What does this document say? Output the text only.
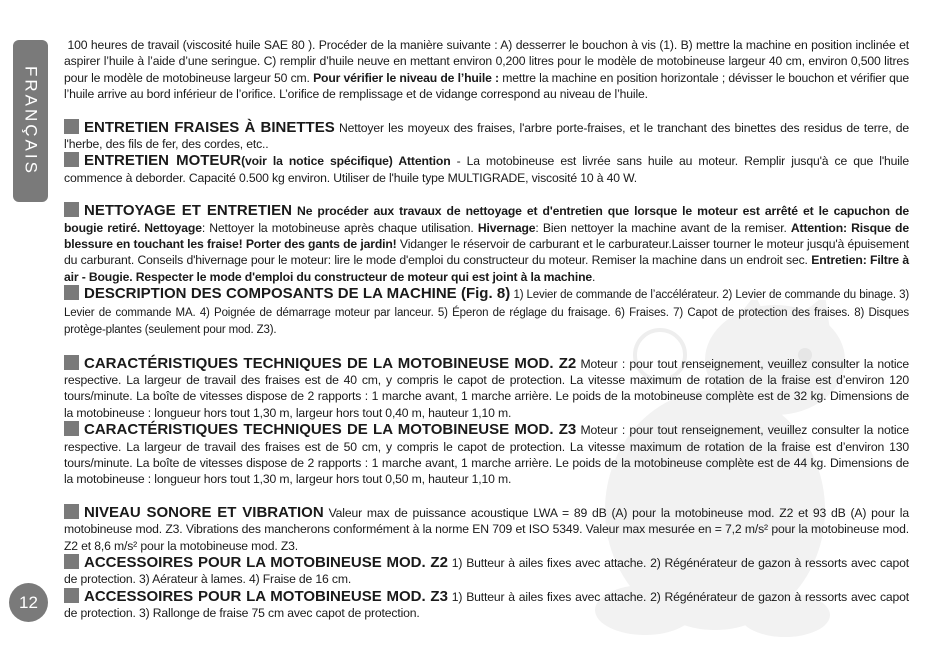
FRANÇAIS
12

100 heures de travail (viscosité huile SAE 80 ). Procéder de la manière suivante : A) desserrer le bouchon à vis (1). B) mettre la machine en position inclinée et aspirer l’huile à l’aide d’une seringue. C) remplir d’huile neuve en mettant environ 0,200 litres pour le modèle de motobineuse largeur 40 cm, environ 0,500 litres pour le modèle de motobineuse largeur 50 cm. Pour vérifier le niveau de l’huile : mettre la machine en position horizontale ; dévisser le bouchon et vérifier que l’huile arrive au bord inférieur de l’orifice. L’orifice de remplissage et de vidange correspond au niveau de l’huile.

ENTRETIEN FRAISES À BINETTES Nettoyer les moyeux des fraises, l'arbre porte-fraises, et le tranchant des binettes des residus de terre, de l'herbe, des fils de fer, des cordes, etc..

ENTRETIEN MOTEUR(voir la notice spécifique) Attention - La motobineuse est livrée sans huile au moteur. Remplir jusqu'à ce que l'huile commence à deborder. Capacité 0.500 kg environ. Utiliser de l'huile type MULTIGRADE, viscosité 10 à 40 W.

NETTOYAGE ET ENTRETIEN Ne procéder aux travaux de nettoyage et d'entretien que lorsque le moteur est arrêté et le capuchon de bougie retiré. Nettoyage: Nettoyer la motobineuse après chaque utilisation. Hivernage: Bien nettoyer la machine avant de la remiser. Attention: Risque de blessure en touchant les fraise! Porter des gants de jardin! Vidanger le réservoir de carburant et le carburateur.Laisser tourner le moteur jusqu'à épuisement du carburant. Conseils d'hivernage pour le moteur: lire le mode d'emploi du constructeur du moteur. Remiser la machine dans un endroit sec. Entretien: Filtre à air - Bougie. Respecter le mode d'emploi du constructeur de moteur qui est joint à la machine.

DESCRIPTION DES COMPOSANTS DE LA MACHINE (Fig. 8) 1) Levier de commande de l’accélérateur. 2) Levier de commande du binage. 3) Levier de commande MA. 4) Poignée de démarrage moteur par lanceur. 5) Éperon de réglage du fraisage. 6) Fraises. 7) Capot de protection des fraises. 8) Disques protège-plantes (seulement pour mod. Z3).

CARACTÉRISTIQUES TECHNIQUES DE LA MOTOBINEUSE MOD. Z2 Moteur : pour tout renseignement, veuillez consulter la notice respective. La largeur de travail des fraises est de 40 cm, y compris le capot de protection. La vitesse maximum de rotation de la fraise est d’environ 120 tours/minute. La boîte de vitesses dispose de 2 rapports : 1 marche avant, 1 marche arrière. Le poids de la motobineuse complète est de 32 kg. Dimensions de la motobineuse : longueur hors tout 1,30 m, largeur hors tout 0,40 m, hauteur 1,10 m.

CARACTÉRISTIQUES TECHNIQUES DE LA MOTOBINEUSE MOD. Z3 Moteur : pour tout renseignement, veuillez consulter la notice respective. La largeur de travail des fraises est de 50 cm, y compris le capot de protection. La vitesse maximum de rotation de la fraise est d’environ 130 tours/minute. La boîte de vitesses dispose de 2 rapports : 1 marche avant, 1 marche arrière. Le poids de la motobineuse complète est de 44 kg. Dimensions de la motobineuse : longueur hors tout 1,30 m, largeur hors tout 0,50 m, hauteur 1,10 m.

NIVEAU SONORE ET VIBRATION Valeur max de puissance acoustique LWA = 89 dB (A) pour la motobineuse mod. Z2 et 93 dB (A) pour la motobineuse mod. Z3. Vibrations des mancherons conformément à la norme EN 709 et ISO 5349. Valeur max mesurée en = 7,2 m/s² pour la motobineuse mod. Z2 et 8,6 m/s² pour la motobineuse mod. Z3.

ACCESSOIRES POUR LA MOTOBINEUSE MOD. Z2 1) Butteur à ailes fixes avec attache. 2) Régénérateur de gazon à ressorts avec capot de protection. 3) Aérateur à lames. 4) Fraise de 16 cm.

ACCESSOIRES POUR LA MOTOBINEUSE MOD. Z3 1) Butteur à ailes fixes avec attache. 2) Régénérateur de gazon à ressorts avec capot de protection. 3) Rallonge de fraise 75 cm avec capot de protection.
